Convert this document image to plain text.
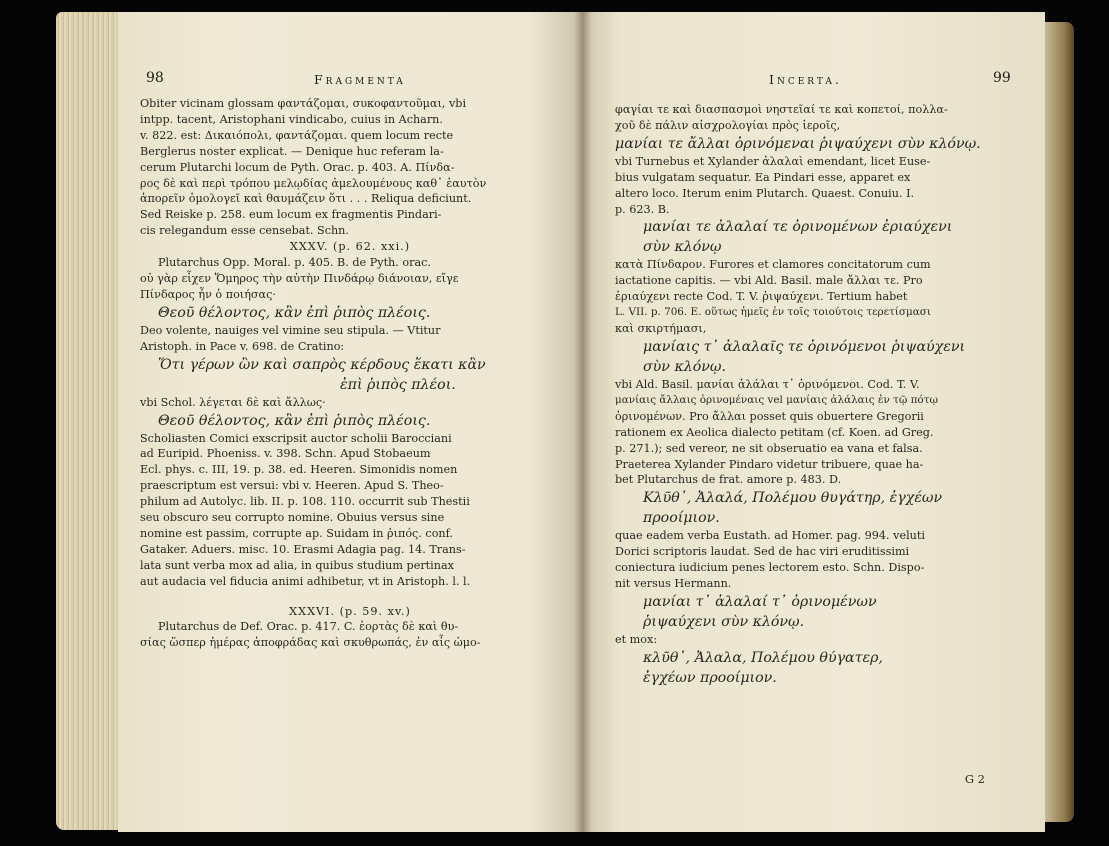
98	Fragmenta

Obiter vicinam glossam φαντάζομαι, συκοφαντοῦμαι, vbi

intpp. tacent, Aristophani vindicabo, cuius in Acharn.

v. 822. est: Δικαιόπολι, φαντάζομαι. quem locum recte

Berglerus noster explicat. — Denique huc referam la-

cerum Plutarchi locum de Pyth. Orac. p. 403. A. Πίνδα-

ρος δὲ καὶ περὶ τρόπου μελῳδίας ἀμελουμένους καθ᾽ ἑαυτὸν

ἀπορεῖν ὁμολογεῖ καὶ θαυμάζειν ὅτι . . . Reliqua deficiunt.

Sed Reiske p. 258. eum locum ex fragmentis Pindari-

cis relegandum esse censebat. Schn.

XXXV. (p. 62. xxi.)

Plutarchus Opp. Moral. p. 405. B. de Pyth. orac.

οὐ γὰρ εἶχεν Ὅμηρος τὴν αὐτὴν Πινδάρῳ διάνοιαν, εἴγε

Πίνδαρος ἦν ὁ ποιήσας·

Θεοῦ θέλοντος, κἂν ἐπὶ ῥιπὸς πλέοις.

Deo volente, nauiges vel vimine seu stipula. — Vtitur

Aristoph. in Pace v. 698. de Cratino:

Ὅτι γέρων ὢν καὶ σαπρὸς κέρδους ἕκατι κἂν

ἐπὶ ῥιπὸς πλέοι.

vbi Schol. λέγεται δὲ καὶ ἄλλως·

Θεοῦ θέλοντος, κἂν ἐπὶ ῥιπὸς πλέοις.

Scholiasten Comici exscripsit auctor scholii Barocciani

ad Euripid. Phoeniss. v. 398. Schn. Apud Stobaeum

Ecl. phys. c. III, 19. p. 38. ed. Heeren. Simonidis nomen

praescriptum est versui: vbi v. Heeren. Apud S. Theo-

philum ad Autolyc. lib. II. p. 108. 110. occurrit sub Thestii

seu obscuro seu corrupto nomine. Obuius versus sine

nomine est passim, corrupte ap. Suidam in ῥιπός. conf.

Gataker. Aduers. misc. 10. Erasmi Adagia pag. 14. Trans-

lata sunt verba mox ad alia, in quibus studium pertinax

aut audacia vel fiducia animi adhibetur, vt in Aristoph. l. l.

XXXVI. (p. 59. xv.)

Plutarchus de Def. Orac. p. 417. C. ἑορτὰς δὲ καὶ θυ-

σίας ὥσπερ ἡμέρας ἀποφράδας καὶ σκυθρωπάς, ἐν αἷς ὠμο-

Incerta.	99

φαγίαι τε καὶ διασπασμοὶ νηστεῖαί τε καὶ κοπετοί, πολλα-

χοῦ δὲ πάλιν αἰσχρολογίαι πρὸς ἱεροῖς,

μανίαι τε ἄλλαι ὀρινόμεναι ῥιψαύχενι σὺν κλόνῳ.

vbi Turnebus et Xylander ἀλαλαὶ emendant, licet Euse-

bius vulgatam sequatur. Ea Pindari esse, apparet ex

altero loco. Iterum enim Plutarch. Quaest. Conuiu. I.

p. 623. B.

μανίαι τε ἀλαλαί τε ὀρινομένων ἐριαύχενι

σὺν κλόνῳ

κατὰ Πίνδαρον. Furores et clamores concitatorum cum

iactatione capitis. — vbi Ald. Basil. male ἄλλαι τε. Pro

ἐριαύχενι recte Cod. T. V. ῥιψαύχενι. Tertium habet

L. VII. p. 706. E. οὕτως ἡμεῖς ἐν τοῖς τοιούτοις τερετίσμασι

καὶ σκιρτήμασι,

μανίαις τ᾽ ἀλαλαῖς τε ὀρινόμενοι ῥιψαύχενι

σὺν κλόνῳ.

vbi Ald. Basil. μανίαι ἀλάλαι τ᾽ ὀρινόμενοι. Cod. T. V.

μανίαις ἄλλαις ὀρινομέναις vel μανίαις ἀλάλαις ἐν τῷ πότῳ

ὀρινομένων. Pro ἄλλαι posset quis obuertere Gregorii

rationem ex Aeolica dialecto petitam (cf. Koen. ad Greg.

p. 271.); sed vereor, ne sit obseruatio ea vana et falsa.

Praeterea Xylander Pindaro videtur tribuere, quae ha-

bet Plutarchus de frat. amore p. 483. D.

Κλῦθ᾽, Ἀλαλά, Πολέμου θυγάτηρ, ἐγχέων

προοίμιον.

quae eadem verba Eustath. ad Homer. pag. 994. veluti

Dorici scriptoris laudat. Sed de hac viri eruditissimi

coniectura iudicium penes lectorem esto. Schn. Dispo-

nit versus Hermann.

μανίαι τ᾽ ἀλαλαί τ᾽ ὀρινομένων

ῥιψαύχενι σὺν κλόνῳ.

et mox:

κλῦθ᾽, Ἀλαλα, Πολέμου θύγατερ,

ἐγχέων προοίμιον.

G 2
